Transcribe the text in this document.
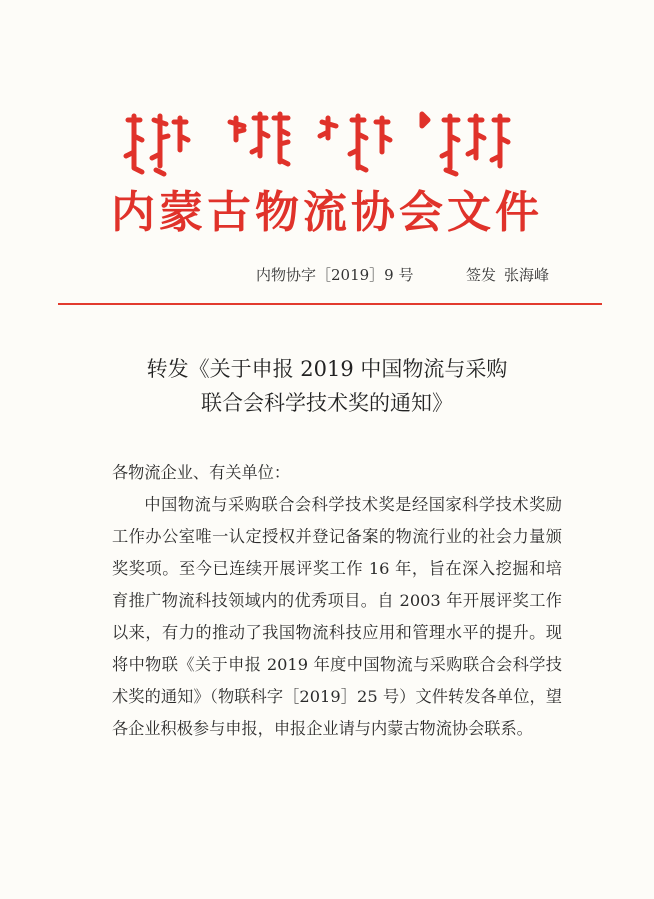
内蒙古物流协会文件
内物协字［2019］9 号	签发 张海峰
转发《关于申报 2019 中国物流与采购
联合会科学技术奖的通知》
各物流企业、有关单位：
中国物流与采购联合会科学技术奖是经国家科学技术奖励工作办公室唯一认定授权并登记备案的物流行业的社会力量颁奖奖项。至今已连续开展评奖工作 16 年，旨在深入挖掘和培育推广物流科技领域内的优秀项目。自 2003 年开展评奖工作以来，有力的推动了我国物流科技应用和管理水平的提升。现将中物联《关于申报 2019 年度中国物流与采购联合会科学技术奖的通知》（物联科字［2019］25 号）文件转发各单位，望各企业积极参与申报，申报企业请与内蒙古物流协会联系。
